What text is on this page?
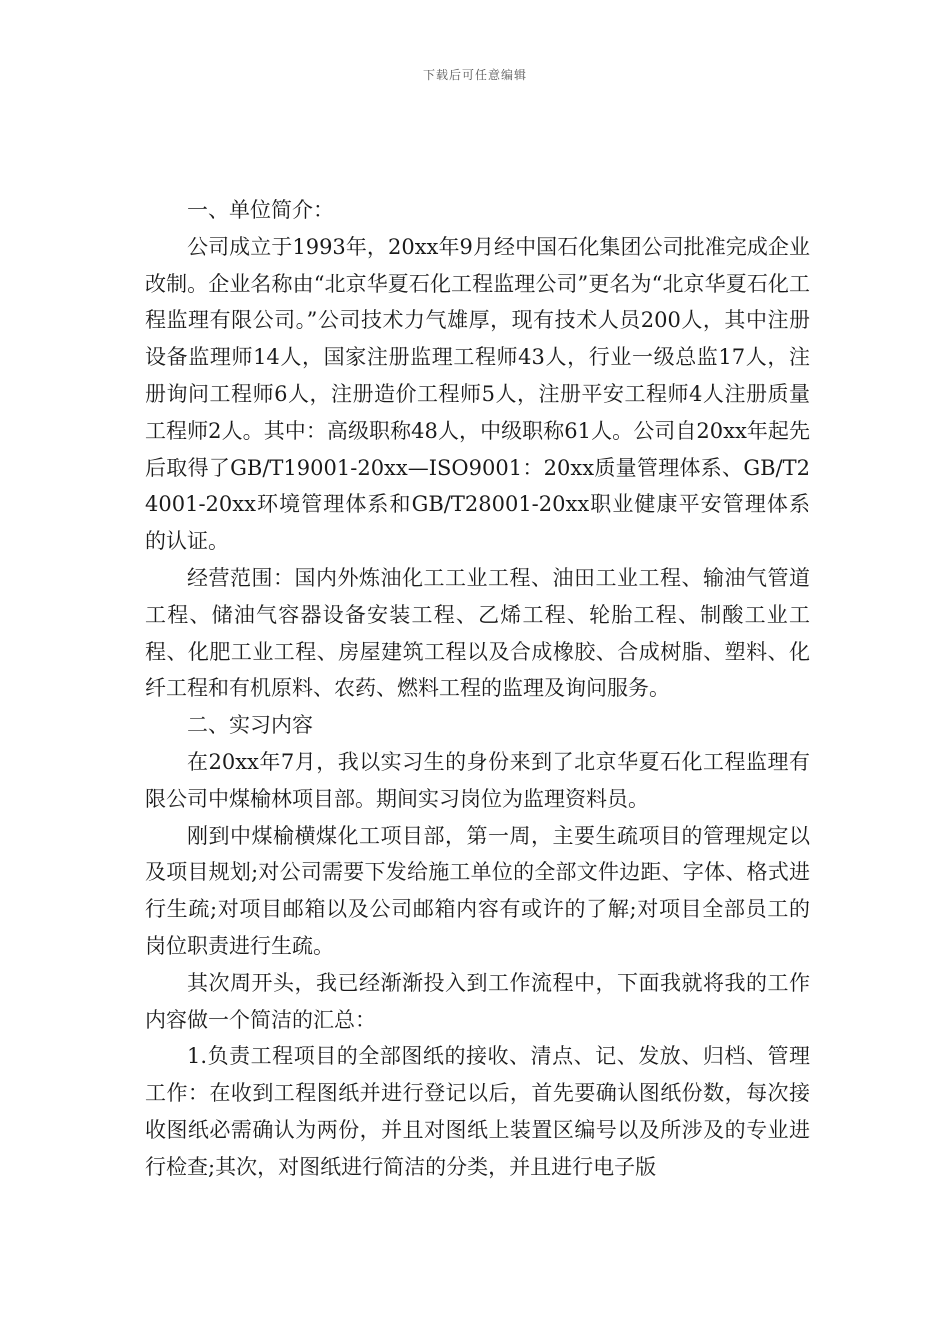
下载后可任意编辑

一、单位简介：

公司成立于1993年，20xx年9月经中国石化集团公司批准完成企业改制。企业名称由“北京华夏石化工程监理公司”更名为“北京华夏石化工程监理有限公司。”公司技术力气雄厚，现有技术人员200人，其中注册设备监理师14人，国家注册监理工程师43人，行业一级总监17人，注册询问工程师6人，注册造价工程师5人，注册平安工程师4人注册质量工程师2人。其中：高级职称48人，中级职称61人。公司自20xx年起先后取得了GB/T19001-20xx—ISO9001：20xx质量管理体系、GB/T24001-20xx环境管理体系和GB/T28001-20xx职业健康平安管理体系的认证。

经营范围：国内外炼油化工工业工程、油田工业工程、输油气管道工程、储油气容器设备安装工程、乙烯工程、轮胎工程、制酸工业工程、化肥工业工程、房屋建筑工程以及合成橡胶、合成树脂、塑料、化纤工程和有机原料、农药、燃料工程的监理及询问服务。

二、实习内容

在20xx年7月，我以实习生的身份来到了北京华夏石化工程监理有限公司中煤榆林项目部。期间实习岗位为监理资料员。

刚到中煤榆横煤化工项目部，第一周，主要生疏项目的管理规定以及项目规划;对公司需要下发给施工单位的全部文件边距、字体、格式进行生疏;对项目邮箱以及公司邮箱内容有或许的了解;对项目全部员工的岗位职责进行生疏。

其次周开头，我已经渐渐投入到工作流程中，下面我就将我的工作内容做一个简洁的汇总：

1.负责工程项目的全部图纸的接收、清点、记、发放、归档、管理工作：在收到工程图纸并进行登记以后，首先要确认图纸份数，每次接收图纸必需确认为两份，并且对图纸上装置区编号以及所涉及的专业进行检查;其次，对图纸进行简洁的分类，并且进行电子版
